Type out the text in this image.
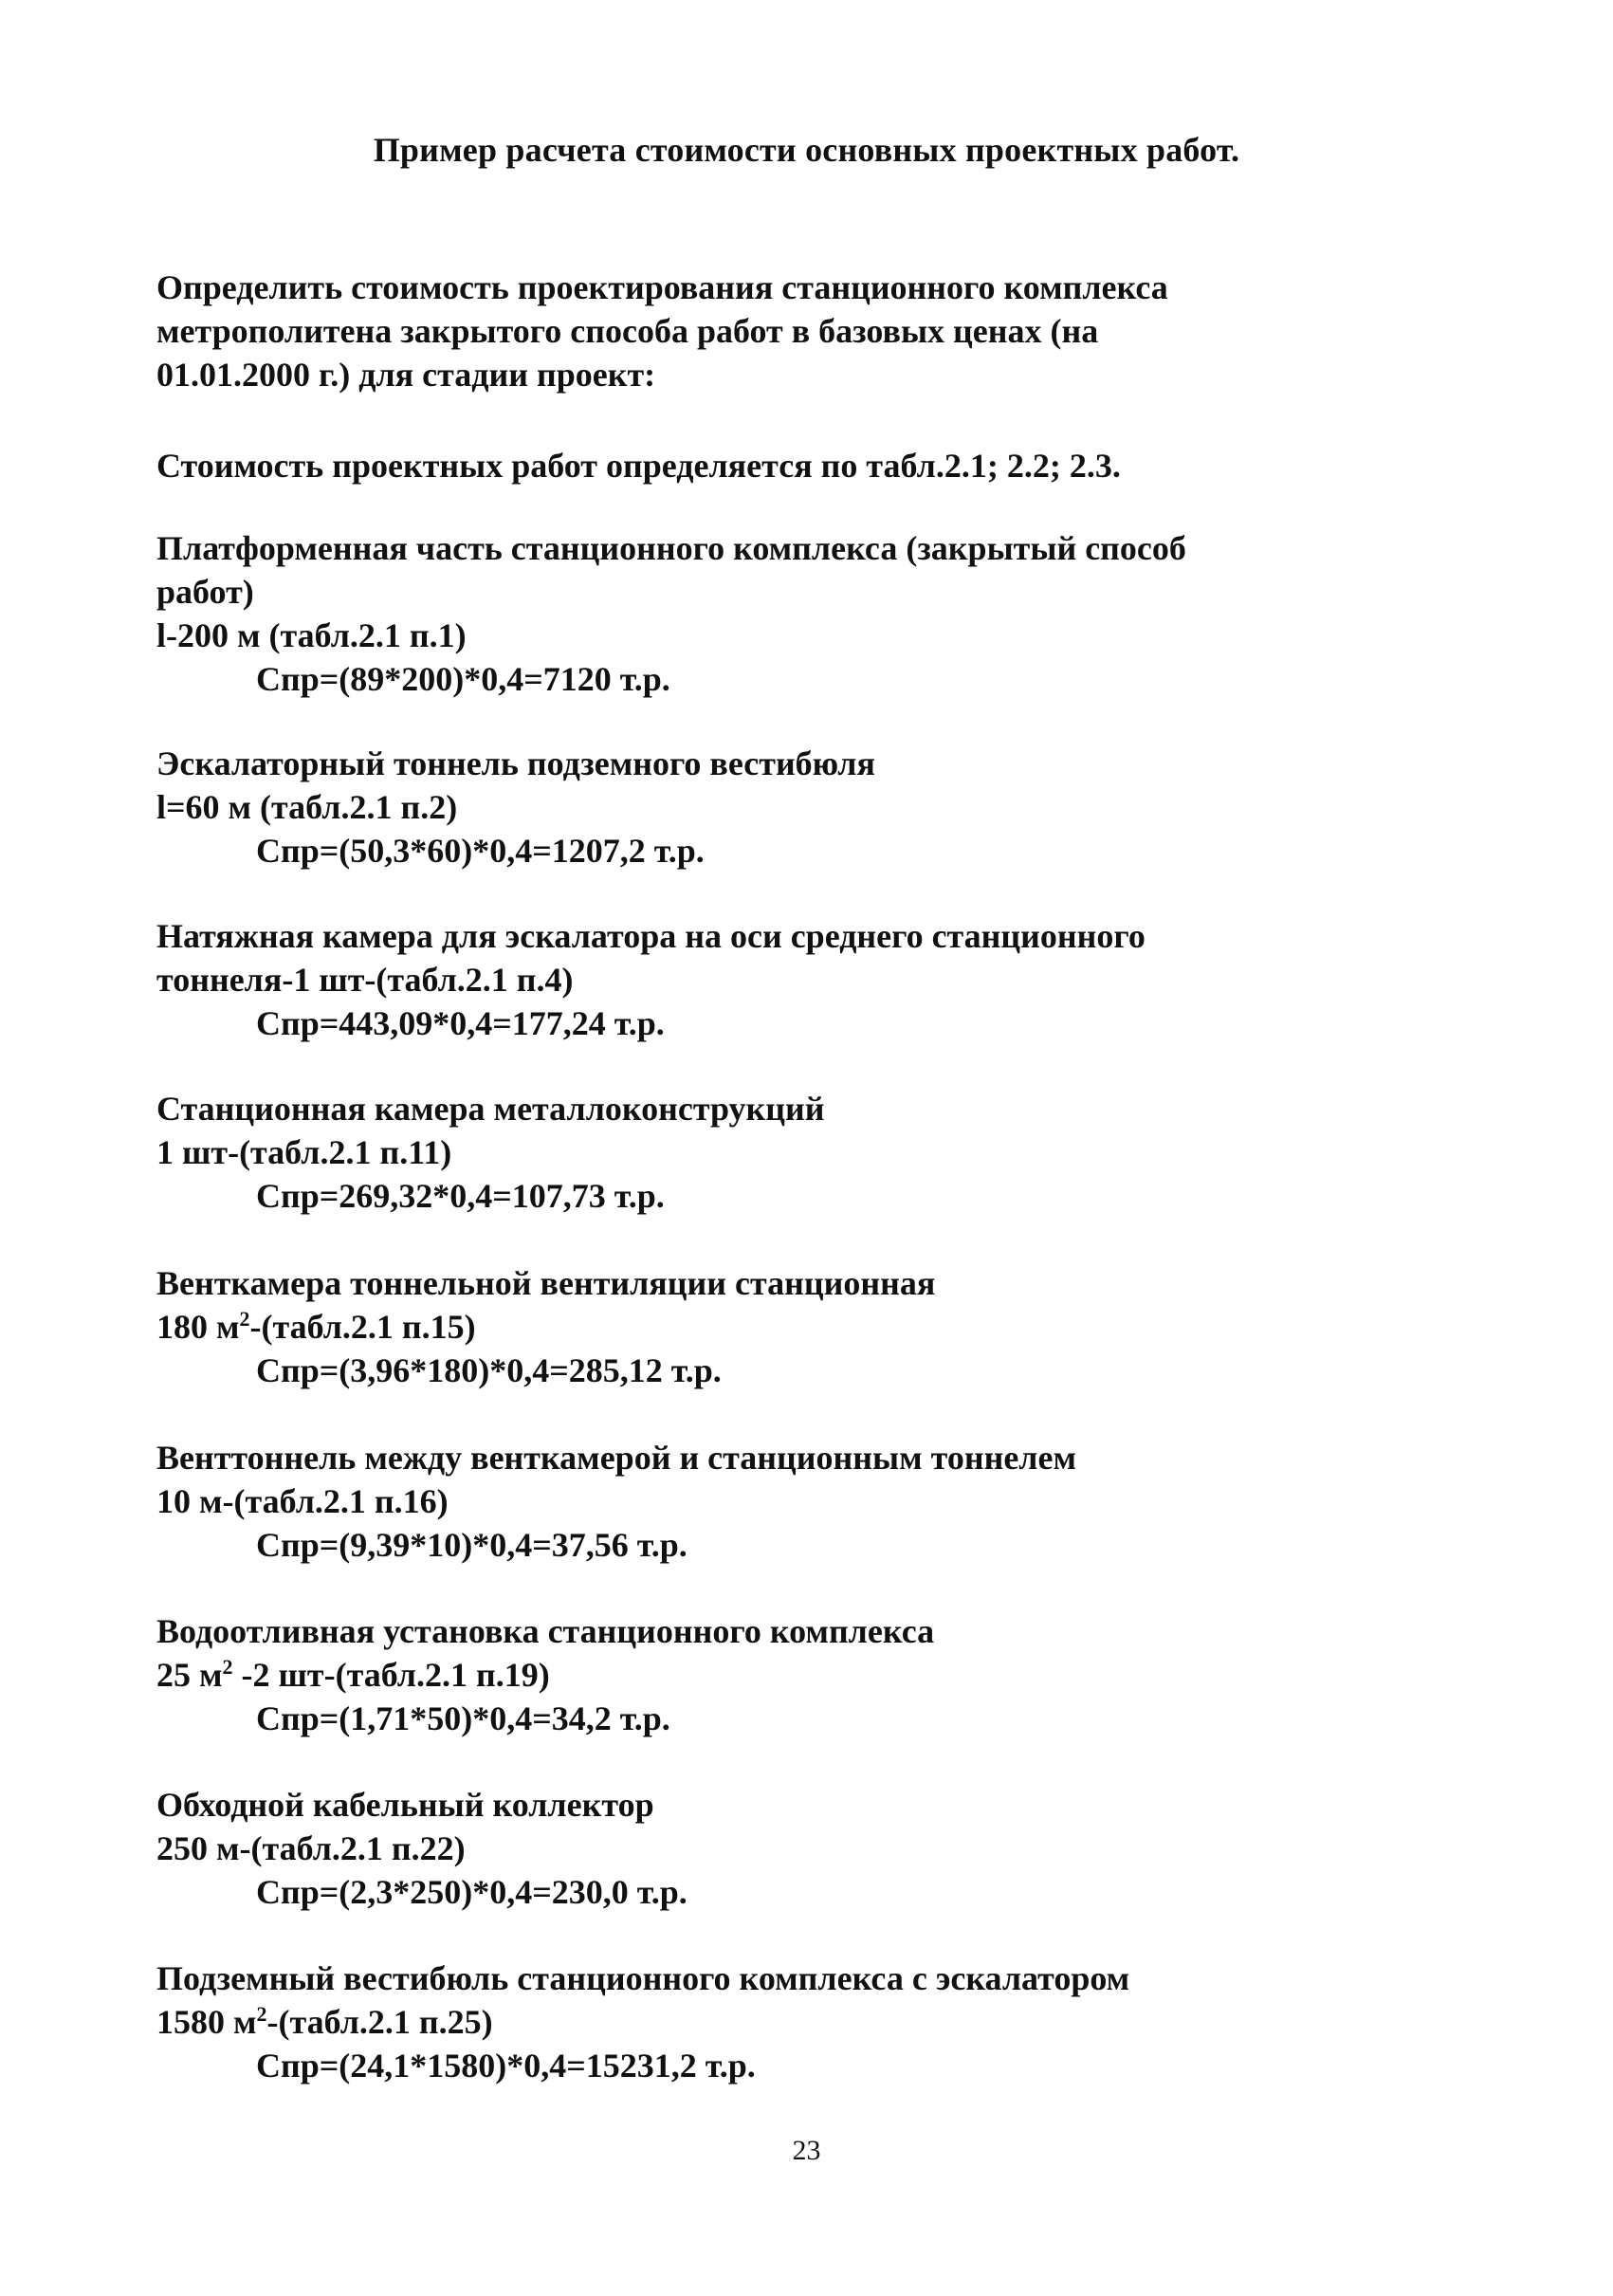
Пример расчета стоимости основных проектных работ.
Определить стоимость проектирования станционного комплекса
метрополитена закрытого способа работ в базовых ценах (на
01.01.2000 г.) для стадии проект:
Стоимость проектных работ определяется по табл.2.1; 2.2; 2.3.
Платформенная часть станционного комплекса (закрытый способ
работ)
l-200 м (табл.2.1 п.1)
Спр=(89*200)*0,4=7120 т.р.
Эскалаторный тоннель подземного вестибюля
l=60 м (табл.2.1 п.2)
Спр=(50,3*60)*0,4=1207,2 т.р.
Натяжная камера для эскалатора на оси среднего станционного
тоннеля-1 шт-(табл.2.1 п.4)
Спр=443,09*0,4=177,24 т.р.
Станционная камера металлоконструкций
1 шт-(табл.2.1 п.11)
Спр=269,32*0,4=107,73 т.р.
Венткамера тоннельной вентиляции станционная
180 $м^2-(табл.2.1$ п.15)
Спр=(3,96*180)*0,4=285,12 т.р.
Венттоннель между венткамерой и станционным тоннелем
10 м-(табл.2.1 п.16)
Спр=(9,39*10)*0,4=37,56 т.р.
Водоотливная установка станционного комплекса
25 $м^2$ -2 шт-(табл.2.1 п.19)
Спр=(1,71*50)*0,4=34,2 т.р.
Обходной кабельный коллектор
250 м-(табл.2.1 п.22)
Спр=(2,3*250)*0,4=230,0 т.р.
Подземный вестибюль станционного комплекса с эскалатором
1580 $м^2-(табл.2.1$ п.25)
Спр=(24,1*1580)*0,4=15231,2 т.р.
23
